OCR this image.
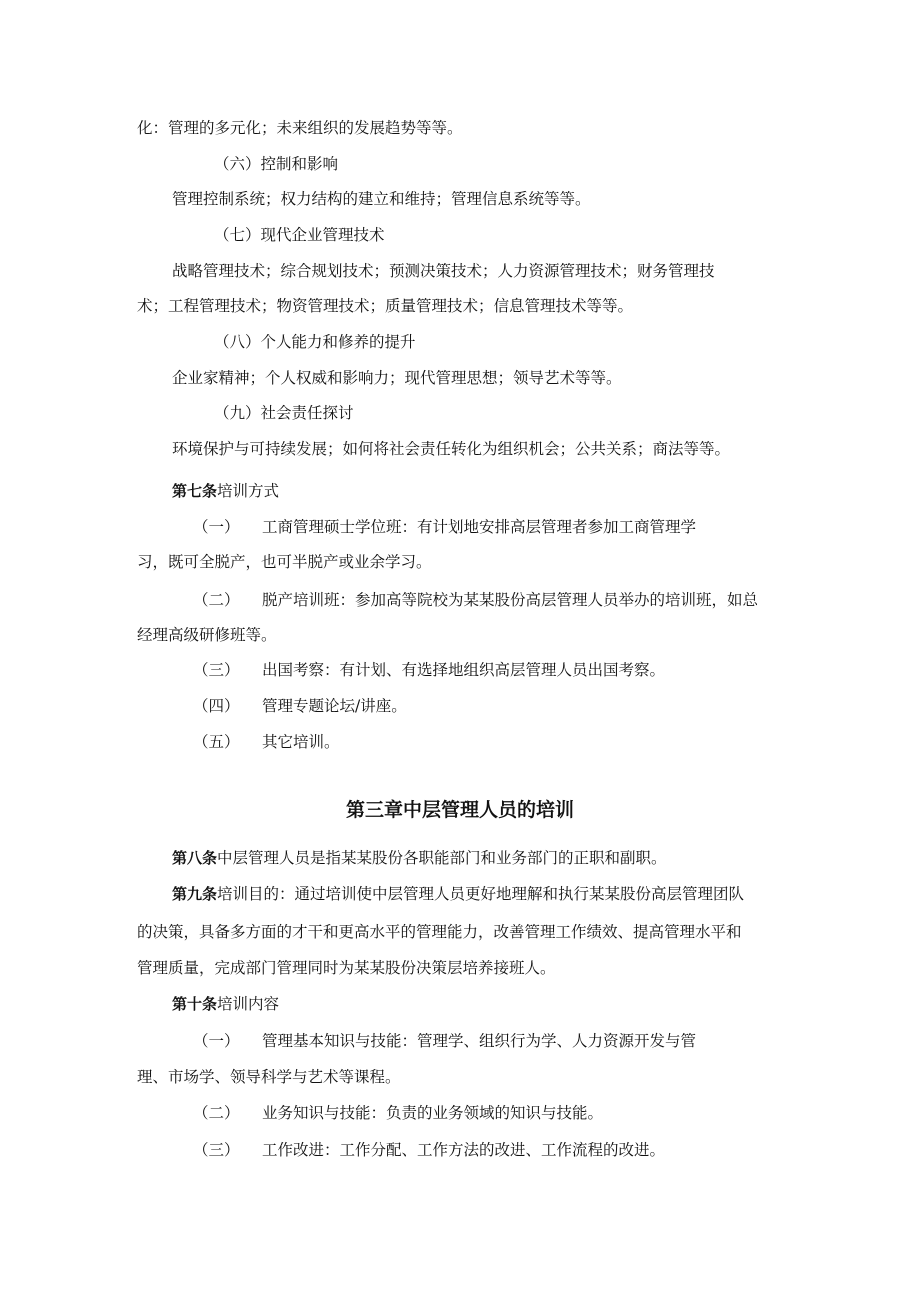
化：管理的多元化；未来组织的发展趋势等等。
（六）控制和影响
管理控制系统；权力结构的建立和维持；管理信息系统等等。
（七）现代企业管理技术
战略管理技术；综合规划技术；预测决策技术；人力资源管理技术；财务管理技
术；工程管理技术；物资管理技术；质量管理技术；信息管理技术等等。
（八）个人能力和修养的提升
企业家精神；个人权威和影响力；现代管理思想；领导艺术等等。
（九）社会责任探讨
环境保护与可持续发展；如何将社会责任转化为组织机会；公共关系；商法等等。
第七条培训方式
（一） 工商管理硕士学位班：有计划地安排高层管理者参加工商管理学
习，既可全脱产，也可半脱产或业余学习。
（二） 脱产培训班：参加高等院校为某某股份高层管理人员举办的培训班，如总
经理高级研修班等。
（三） 出国考察：有计划、有选择地组织高层管理人员出国考察。
（四） 管理专题论坛/讲座。
（五） 其它培训。
第三章中层管理人员的培训
第八条中层管理人员是指某某股份各职能部门和业务部门的正职和副职。
第九条培训目的：通过培训使中层管理人员更好地理解和执行某某股份高层管理团队
的决策，具备多方面的才干和更高水平的管理能力，改善管理工作绩效、提高管理水平和
管理质量，完成部门管理同时为某某股份决策层培养接班人。
第十条培训内容
（一） 管理基本知识与技能：管理学、组织行为学、人力资源开发与管
理、市场学、领导科学与艺术等课程。
（二） 业务知识与技能：负责的业务领域的知识与技能。
（三） 工作改进：工作分配、工作方法的改进、工作流程的改进。
